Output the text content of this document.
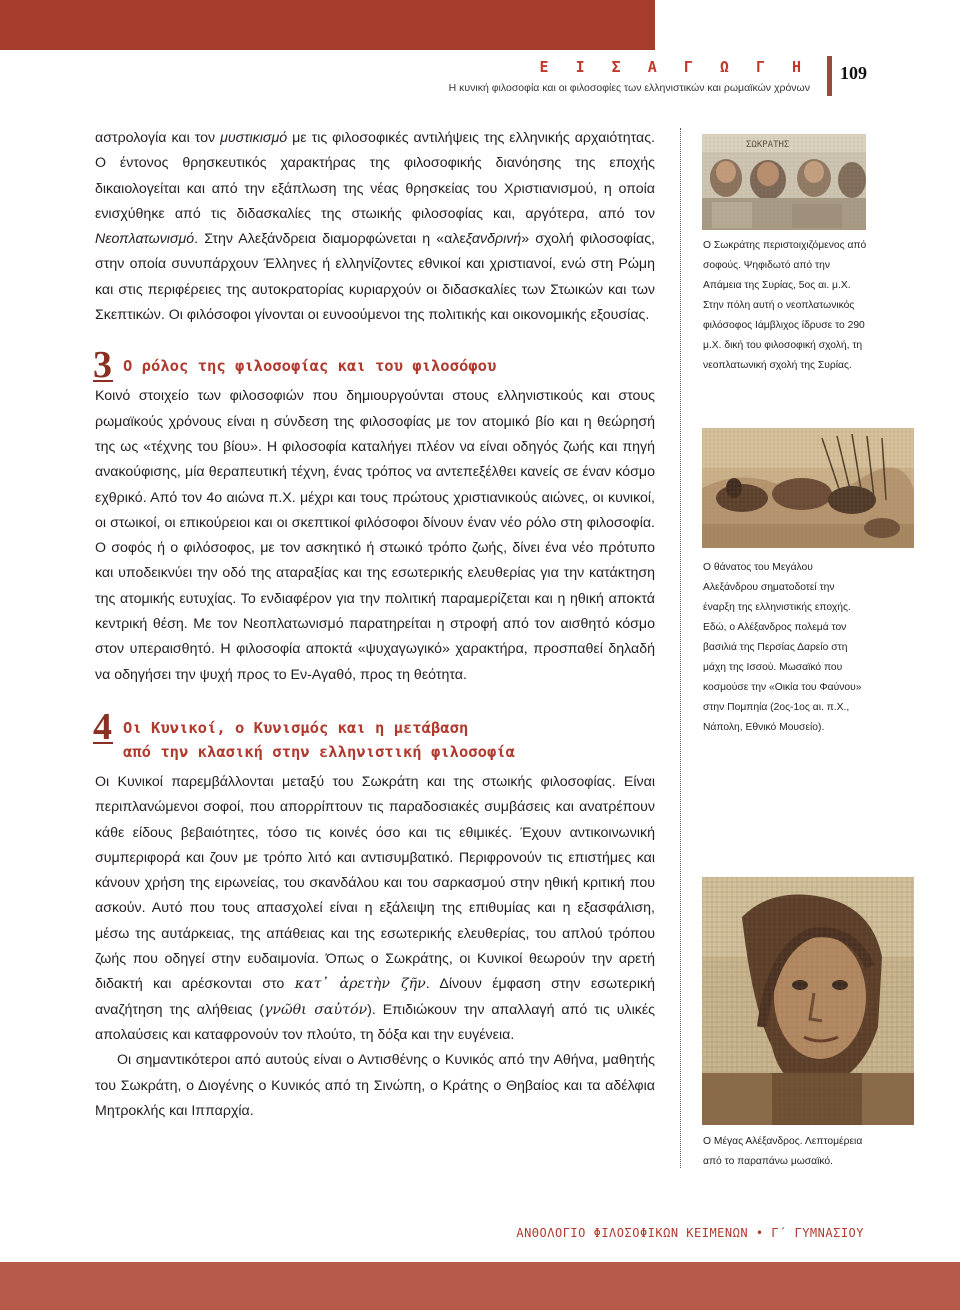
Ε Ι Σ Α Γ Ω Γ Η
Η κυνική φιλοσοφία και οι φιλοσοφίες των ελληνιστικών και ρωμαϊκών χρόνων
109

αστρολογία και τον μυστικισμό με τις φιλοσοφικές αντιλήψεις της ελληνικής αρχαιότητας. Ο έντονος θρησκευτικός χαρακτήρας της φιλοσοφικής διανόησης της εποχής δικαιολογείται και από την εξάπλωση της νέας θρησκείας του Χριστιανισμού, η οποία ενισχύθηκε από τις διδασκαλίες της στωικής φιλοσοφίας και, αργότερα, από τον Νεοπλατωνισμό. Στην Αλεξάνδρεια διαμορφώνεται η «αλεξανδρινή» σχολή φιλοσοφίας, στην οποία συνυπάρχουν Έλληνες ή ελληνίζοντες εθνικοί και χριστιανοί, ενώ στη Ρώμη και στις περιφέρειες της αυτοκρατορίας κυριαρχούν οι διδασκαλίες των Στωικών και των Σκεπτικών. Οι φιλόσοφοι γίνονται οι ευνοούμενοι της πολιτικής και οικονομικής εξουσίας.

3 Ο ρόλος της φιλοσοφίας και του φιλοσόφου

Κοινό στοιχείο των φιλοσοφιών που δημιουργούνται στους ελληνιστικούς και στους ρωμαϊκούς χρόνους είναι η σύνδεση της φιλοσοφίας με τον ατομικό βίο και η θεώρησή της ως «τέχνης του βίου». Η φιλοσοφία καταλήγει πλέον να είναι οδηγός ζωής και πηγή ανακούφισης, μία θεραπευτική τέχνη, ένας τρόπος να αντεπεξέλθει κανείς σε έναν κόσμο εχθρικό. Από τον 4ο αιώνα π.Χ. μέχρι και τους πρώτους χριστιανικούς αιώνες, οι κυνικοί, οι στωικοί, οι επικούρειοι και οι σκεπτικοί φιλόσοφοι δίνουν έναν νέο ρόλο στη φιλοσοφία. Ο σοφός ή ο φιλόσοφος, με τον ασκητικό ή στωικό τρόπο ζωής, δίνει ένα νέο πρότυπο και υποδεικνύει την οδό της αταραξίας και της εσωτερικής ελευθερίας για την κατάκτηση της ατομικής ευτυχίας. Το ενδιαφέρον για την πολιτική παραμερίζεται και η ηθική αποκτά κεντρική θέση. Με τον Νεοπλατωνισμό παρατηρείται η στροφή από τον αισθητό κόσμο στον υπεραισθητό. Η φιλοσοφία αποκτά «ψυχαγωγικό» χαρακτήρα, προσπαθεί δηλαδή να οδηγήσει την ψυχή προς το Εν-Αγαθό, προς τη θεότητα.

4 Οι Κυνικοί, ο Κυνισμός και η μετάβαση
από την κλασική στην ελληνιστική φιλοσοφία

Οι Κυνικοί παρεμβάλλονται μεταξύ του Σωκράτη και της στωικής φιλοσοφίας. Είναι περιπλανώμενοι σοφοί, που απορρίπτουν τις παραδοσιακές συμβάσεις και ανατρέπουν κάθε είδους βεβαιότητες, τόσο τις κοινές όσο και τις εθιμικές. Έχουν αντικοινωνική συμπεριφορά και ζουν με τρόπο λιτό και αντισυμβατικό. Περιφρονούν τις επιστήμες και κάνουν χρήση της ειρωνείας, του σκανδάλου και του σαρκασμού στην ηθική κριτική που ασκούν. Αυτό που τους απασχολεί είναι η εξάλειψη της επιθυμίας και η εξασφάλιση, μέσω της αυτάρκειας, της απάθειας και της εσωτερικής ελευθερίας, του απλού τρόπου ζωής που οδηγεί στην ευδαιμονία. Όπως ο Σωκράτης, οι Κυνικοί θεωρούν την αρετή διδακτή και αρέσκονται στο κατ᾽ ἀρετὴν ζῆν. Δίνουν έμφαση στην εσωτερική αναζήτηση της αλήθειας (γνῶθι σαὐτόν). Επιδιώκουν την απαλλαγή από τις υλικές απολαύσεις και καταφρονούν τον πλούτο, τη δόξα και την ευγένεια.

Οι σημαντικότεροι από αυτούς είναι ο Αντισθένης ο Κυνικός από την Αθήνα, μαθητής του Σωκράτη, ο Διογένης ο Κυνικός από τη Σινώπη, ο Κράτης ο Θηβαίος και τα αδέλφια Μητροκλής και Ιππαρχία.

Ο Σωκράτης περιστοιχιζόμενος από σοφούς. Ψηφιδωτό από την Απάμεια της Συρίας, 5ος αι. μ.Χ. Στην πόλη αυτή ο νεοπλατωνικός φιλόσοφος Ιάμβλιχος ίδρυσε το 290 μ.Χ. δική του φιλοσοφική σχολή, τη νεοπλατωνική σχολή της Συρίας.
Ο θάνατος του Μεγάλου Αλεξάνδρου σηματοδοτεί την έναρξη της ελληνιστικής εποχής. Εδώ, ο Αλέξανδρος πολεμά τον βασιλιά της Περσίας Δαρείο στη μάχη της Ισσού. Μωσαϊκό που κοσμούσε την «Οικία του Φαύνου» στην Πομπηία (2ος-1ος αι. π.Χ., Νάπολη, Εθνικό Μουσείο).
Ο Μέγας Αλέξανδρος. Λεπτομέρεια από το παραπάνω μωσαϊκό.
ΑΝΘΟΛΟΓΙΟ ΦΙΛΟΣΟΦΙΚΩΝ ΚΕΙΜΕΝΩΝ • Γ΄ ΓΥΜΝΑΣΙΟΥ
